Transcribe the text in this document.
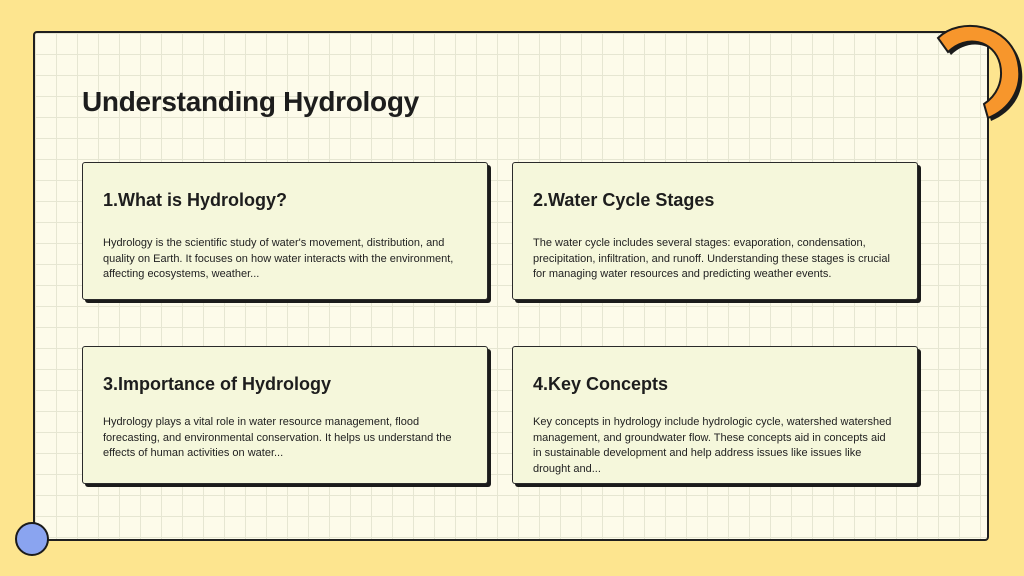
Understanding Hydrology
1.What is Hydrology?

Hydrology is the scientific study of water's movement, distribution, and quality on Earth. It focuses on how water interacts with the environment, affecting ecosystems, weather...

2.Water Cycle Stages

The water cycle includes several stages: evaporation, condensation, precipitation, infiltration, and runoff. Understanding these stages is crucial for managing water resources and predicting weather events.

3.Importance of Hydrology

Hydrology plays a vital role in water resource management, flood forecasting, and environmental conservation. It helps us understand the effects of human activities on water...

4.Key Concepts

Key concepts in hydrology include hydrologic cycle, watershed watershed management, and groundwater flow. These concepts aid in concepts aid in sustainable development and help address issues like issues like drought and...
